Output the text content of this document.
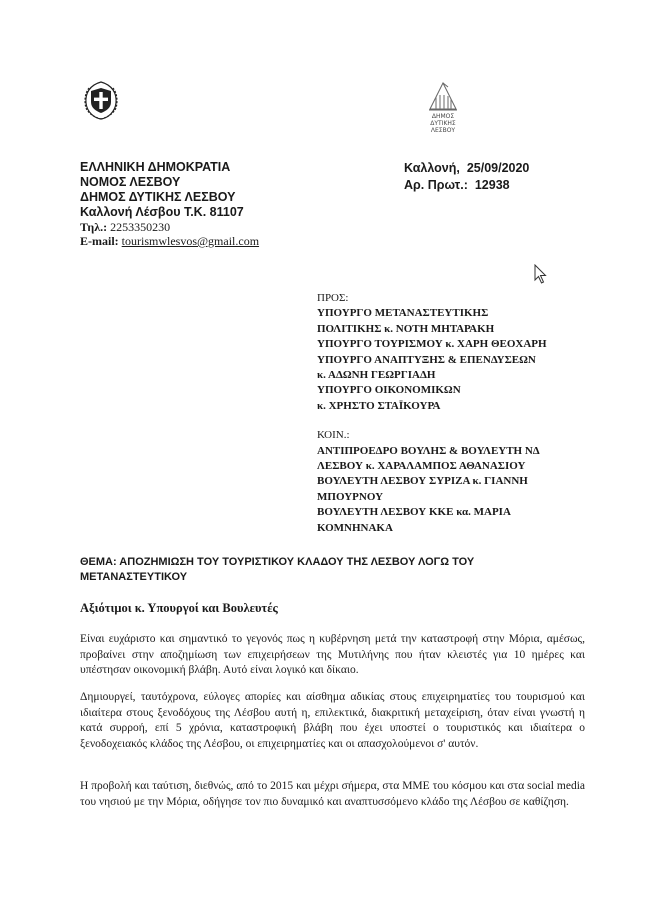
ΔΗΜΟΣ
ΔΥΤΙΚΗΣ
ΛΕΣΒΟΥ
ΕΛΛΗΝΙΚΗ ΔΗΜΟΚΡΑΤΙΑ
ΝΟΜΟΣ ΛΕΣΒΟΥ
ΔΗΜΟΣ ΔΥΤΙΚΗΣ ΛΕΣΒΟΥ
Καλλονή Λέσβου Τ.Κ. 81107
Τηλ.: 2253350230
E-mail: tourismwlesvos@gmail.com
Καλλονή,  25/09/2020
Αρ. Πρωτ.: 12938
ΠΡΟΣ:
ΥΠΟΥΡΓΟ ΜΕΤΑΝΑΣΤΕΥΤΙΚΗΣ
ΠΟΛΙΤΙΚΗΣ κ. ΝΟΤΗ ΜΗΤΑΡΑΚΗ
ΥΠΟΥΡΓΟ ΤΟΥΡΙΣΜΟΥ κ. ΧΑΡΗ ΘΕΟΧΑΡΗ
ΥΠΟΥΡΓΟ ΑΝΑΠΤΥΞΗΣ & ΕΠΕΝΔΥΣΕΩΝ
κ. ΑΔΩΝΗ ΓΕΩΡΓΙΑΔΗ
ΥΠΟΥΡΓΟ ΟΙΚΟΝΟΜΙΚΩΝ
κ. ΧΡΗΣΤΟ ΣΤΑΪΚΟΥΡΑ
ΚΟΙΝ.:
ΑΝΤΙΠΡΟΕΔΡΟ ΒΟΥΛΗΣ & ΒΟΥΛΕΥΤΗ ΝΔ
ΛΕΣΒΟΥ κ. ΧΑΡΑΛΑΜΠΟΣ ΑΘΑΝΑΣΙΟΥ
ΒΟΥΛΕΥΤΗ ΛΕΣΒΟΥ ΣΥΡΙΖΑ κ. ΓΙΑΝΝΗ
ΜΠΟΥΡΝΟΥ
ΒΟΥΛΕΥΤΗ ΛΕΣΒΟΥ ΚΚΕ κα. ΜΑΡΙΑ
ΚΟΜΝΗΝΑΚΑ
ΘΕΜΑ: ΑΠΟΖΗΜΙΩΣΗ ΤΟΥ ΤΟΥΡΙΣΤΙΚΟΥ ΚΛΑΔΟΥ ΤΗΣ ΛΕΣΒΟΥ ΛΟΓΩ ΤΟΥ
ΜΕΤΑΝΑΣΤΕΥΤΙΚΟΥ
Αξιότιμοι κ. Υπουργοί και Βουλευτές
Είναι ευχάριστο και σημαντικό το γεγονός πως η κυβέρνηση μετά την καταστροφή στην Μόρια, αμέσως, προβαίνει στην αποζημίωση των επιχειρήσεων της Μυτιλήνης που ήταν κλειστές για 10 ημέρες και υπέστησαν οικονομική βλάβη. Αυτό είναι λογικό και δίκαιο.
Δημιουργεί, ταυτόχρονα, εύλογες απορίες και αίσθημα αδικίας στους επιχειρηματίες του τουρισμού και ιδιαίτερα στους ξενοδόχους της Λέσβου αυτή η, επιλεκτικά, διακριτική μεταχείριση, όταν είναι γνωστή η κατά συρροή, επί 5 χρόνια, καταστροφική βλάβη που έχει υποστεί ο τουριστικός και ιδιαίτερα ο ξενοδοχειακός κλάδος της Λέσβου, οι επιχειρηματίες και οι απασχολούμενοι σ' αυτόν.
Η προβολή και ταύτιση, διεθνώς, από το 2015 και μέχρι σήμερα, στα ΜΜΕ του κόσμου και στα social media του νησιού με την Μόρια, οδήγησε τον πιο δυναμικό και αναπτυσσόμενο κλάδο της Λέσβου σε καθίζηση.
